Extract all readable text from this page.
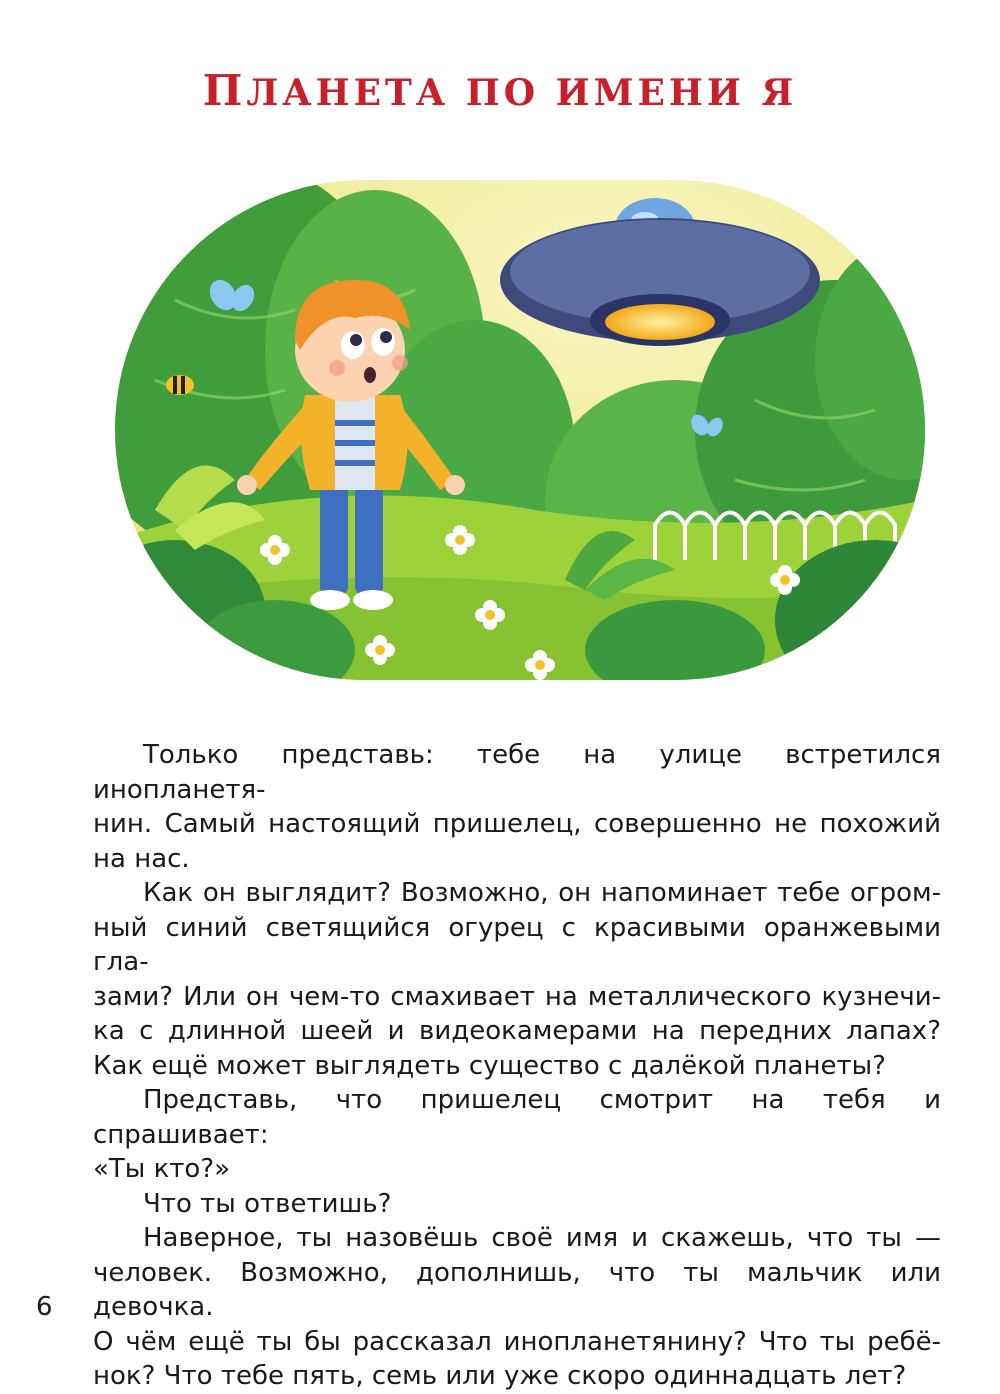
ПЛАНЕТА ПО ИМЕНИ Я

Только представь: тебе на улице встретился инопланетя-
нин. Самый настоящий пришелец, совершенно не похожий
на нас.

Как он выглядит? Возможно, он напоминает тебе огром-
ный синий светящийся огурец с красивыми оранжевыми гла-
зами? Или он чем-то смахивает на металлического кузнечи-
ка с длинной шеей и видеокамерами на передних лапах?
Как ещё может выглядеть существо с далёкой планеты?

Представь, что пришелец смотрит на тебя и спрашивает:
«Ты кто?»

Что ты ответишь?

Наверное, ты назовёшь своё имя и скажешь, что ты —
человек. Возможно, дополнишь, что ты мальчик или девочка.
О чём ещё ты бы рассказал инопланетянину? Что ты ребё-
нок? Что тебе пять, семь или уже скоро одиннадцать лет?

6
